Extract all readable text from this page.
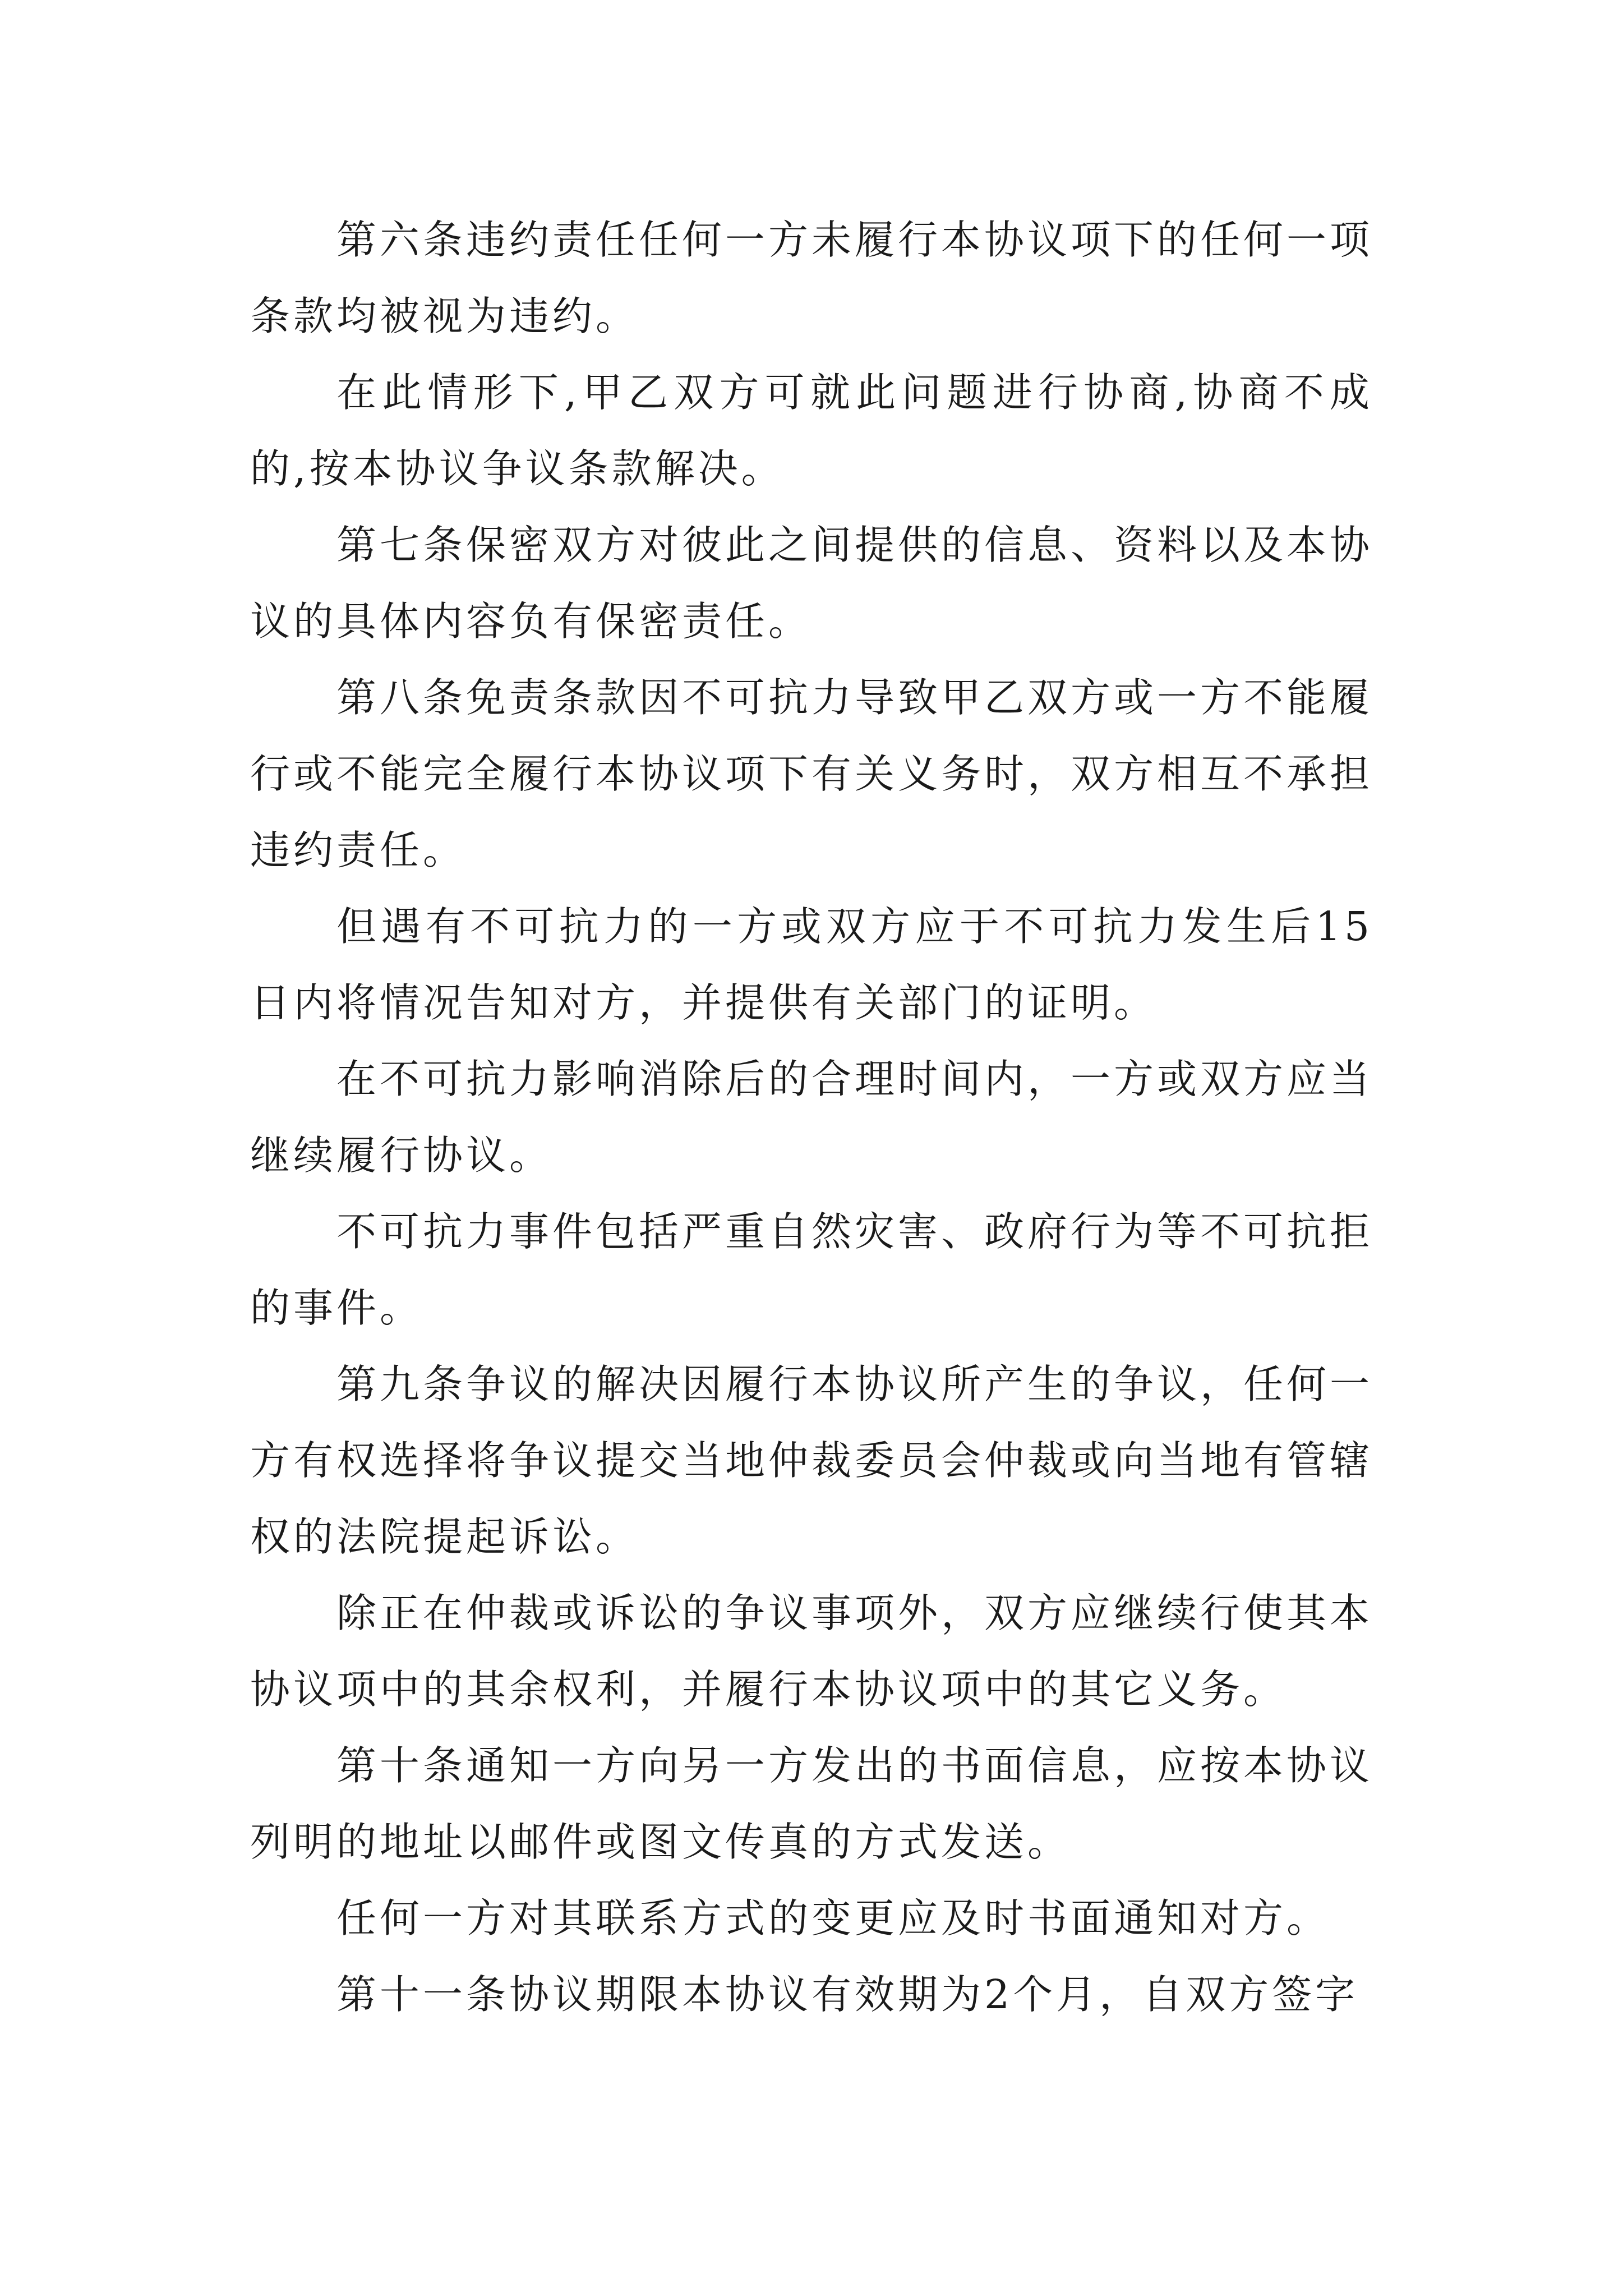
第六条违约责任任何一方未履行本协议项下的任何一项条款均被视为违约。

在此情形下,甲乙双方可就此问题进行协商,协商不成的,按本协议争议条款解决。

第七条保密双方对彼此之间提供的信息、资料以及本协议的具体内容负有保密责任。

第八条免责条款因不可抗力导致甲乙双方或一方不能履行或不能完全履行本协议项下有关义务时，双方相互不承担违约责任。

但遇有不可抗力的一方或双方应于不可抗力发生后15日内将情况告知对方，并提供有关部门的证明。

在不可抗力影响消除后的合理时间内，一方或双方应当继续履行协议。

不可抗力事件包括严重自然灾害、政府行为等不可抗拒的事件。

第九条争议的解决因履行本协议所产生的争议，任何一方有权选择将争议提交当地仲裁委员会仲裁或向当地有管辖权的法院提起诉讼。

除正在仲裁或诉讼的争议事项外，双方应继续行使其本协议项中的其余权利，并履行本协议项中的其它义务。

第十条通知一方向另一方发出的书面信息，应按本协议列明的地址以邮件或图文传真的方式发送。

任何一方对其联系方式的变更应及时书面通知对方。

第十一条协议期限本协议有效期为2个月，自双方签字
